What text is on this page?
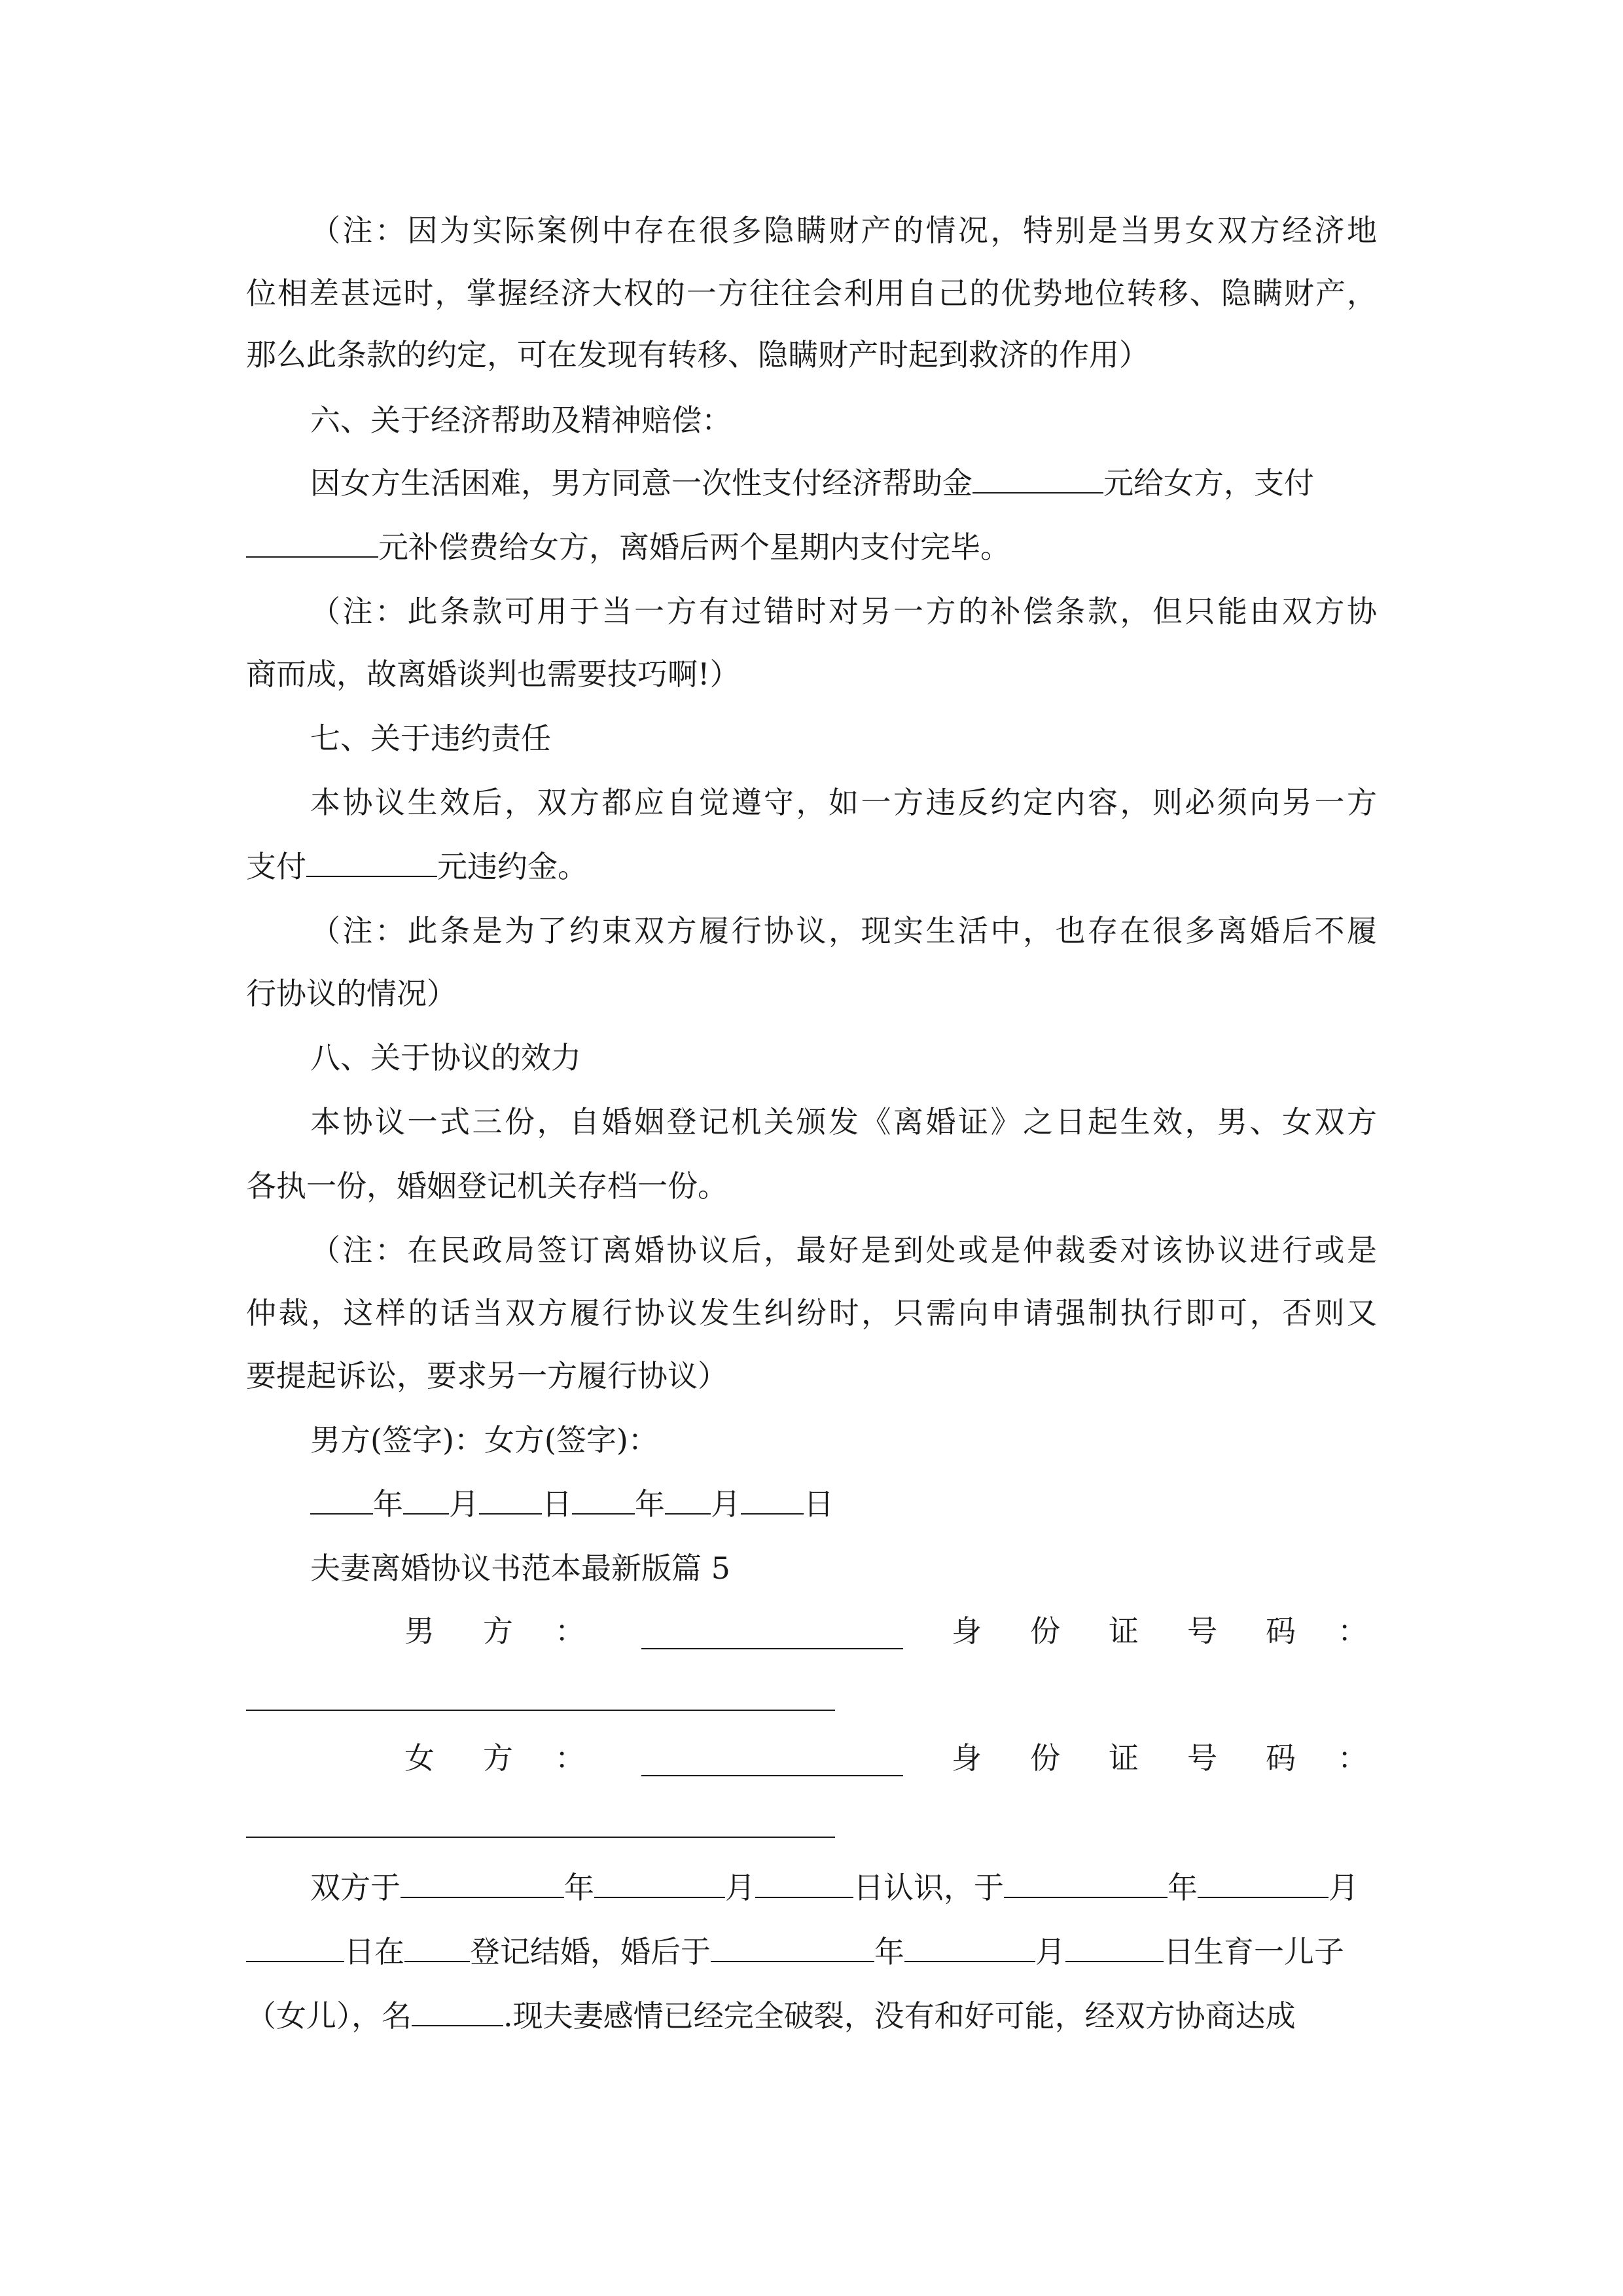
（注：因为实际案例中存在很多隐瞒财产的情况，特别是当男女双方经济地
位相差甚远时，掌握经济大权的一方往往会利用自己的优势地位转移、隐瞒财产，
那么此条款的约定，可在发现有转移、隐瞒财产时起到救济的作用）
六、关于经济帮助及精神赔偿：
因女方生活困难，男方同意一次性支付经济帮助金	元给女方，支付
元补偿费给女方，离婚后两个星期内支付完毕。
（注：此条款可用于当一方有过错时对另一方的补偿条款，但只能由双方协
商而成，故离婚谈判也需要技巧啊!）
七、关于违约责任
本协议生效后，双方都应自觉遵守，如一方违反约定内容，则必须向另一方
支付	元违约金。
（注：此条是为了约束双方履行协议，现实生活中，也存在很多离婚后不履
行协议的情况）
八、关于协议的效力
本协议一式三份，自婚姻登记机关颁发《离婚证》之日起生效，男、女双方
各执一份，婚姻登记机关存档一份。
（注：在民政局签订离婚协议后，最好是到处或是仲裁委对该协议进行或是
仲裁，这样的话当双方履行协议发生纠纷时，只需向申请强制执行即可，否则又
要提起诉讼，要求另一方履行协议）
男方(签字)：女方(签字)：
年 月 日 年 月 日
夫妻离婚协议书范本最新版篇 5
男 方 ：	身 份 证 号 码 ：
女 方 ：	身 份 证 号 码 ：
双方于	年	月	日认识，于	年	月
日在 登记结婚，婚后于	年	月	日生育一儿子
（女儿），名	.现夫妻感情已经完全破裂，没有和好可能，经双方协商达成
